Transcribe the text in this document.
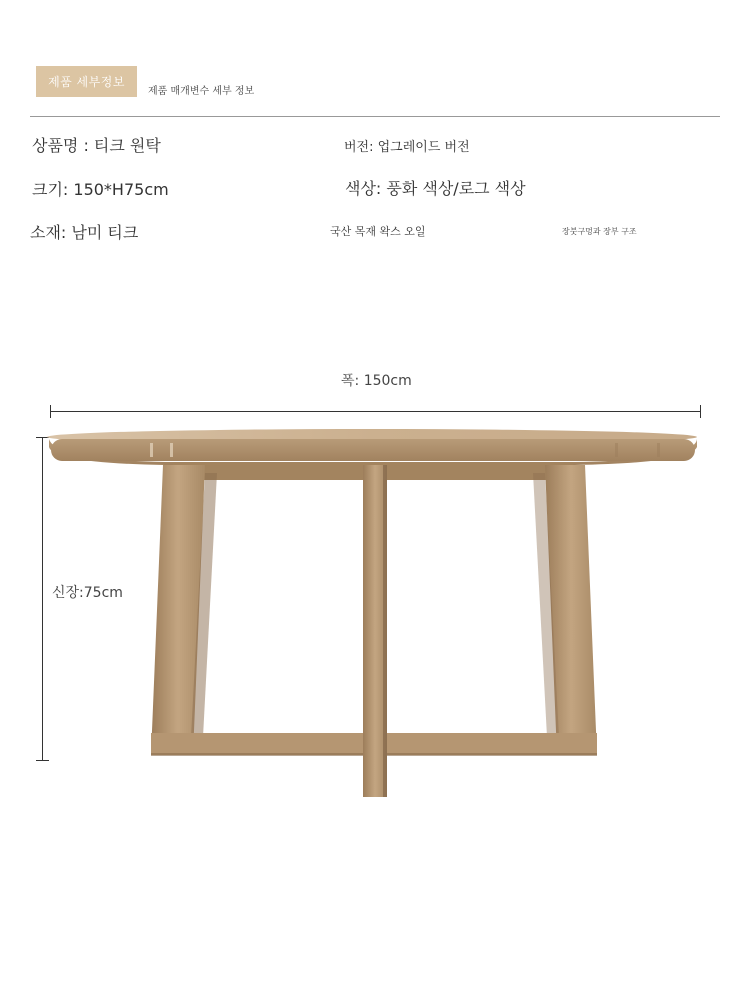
제품 세부정보
제품 매개변수 세부 정보
상품명 : 티크 원탁	버전: 업그레이드 버전
크기: 150*H75cm	색상: 풍화 색상/로그 색상
소재: 남미 티크	국산 목재 왁스 오일	장붓구멍과 장부 구조
폭: 150cm
신장:75cm
